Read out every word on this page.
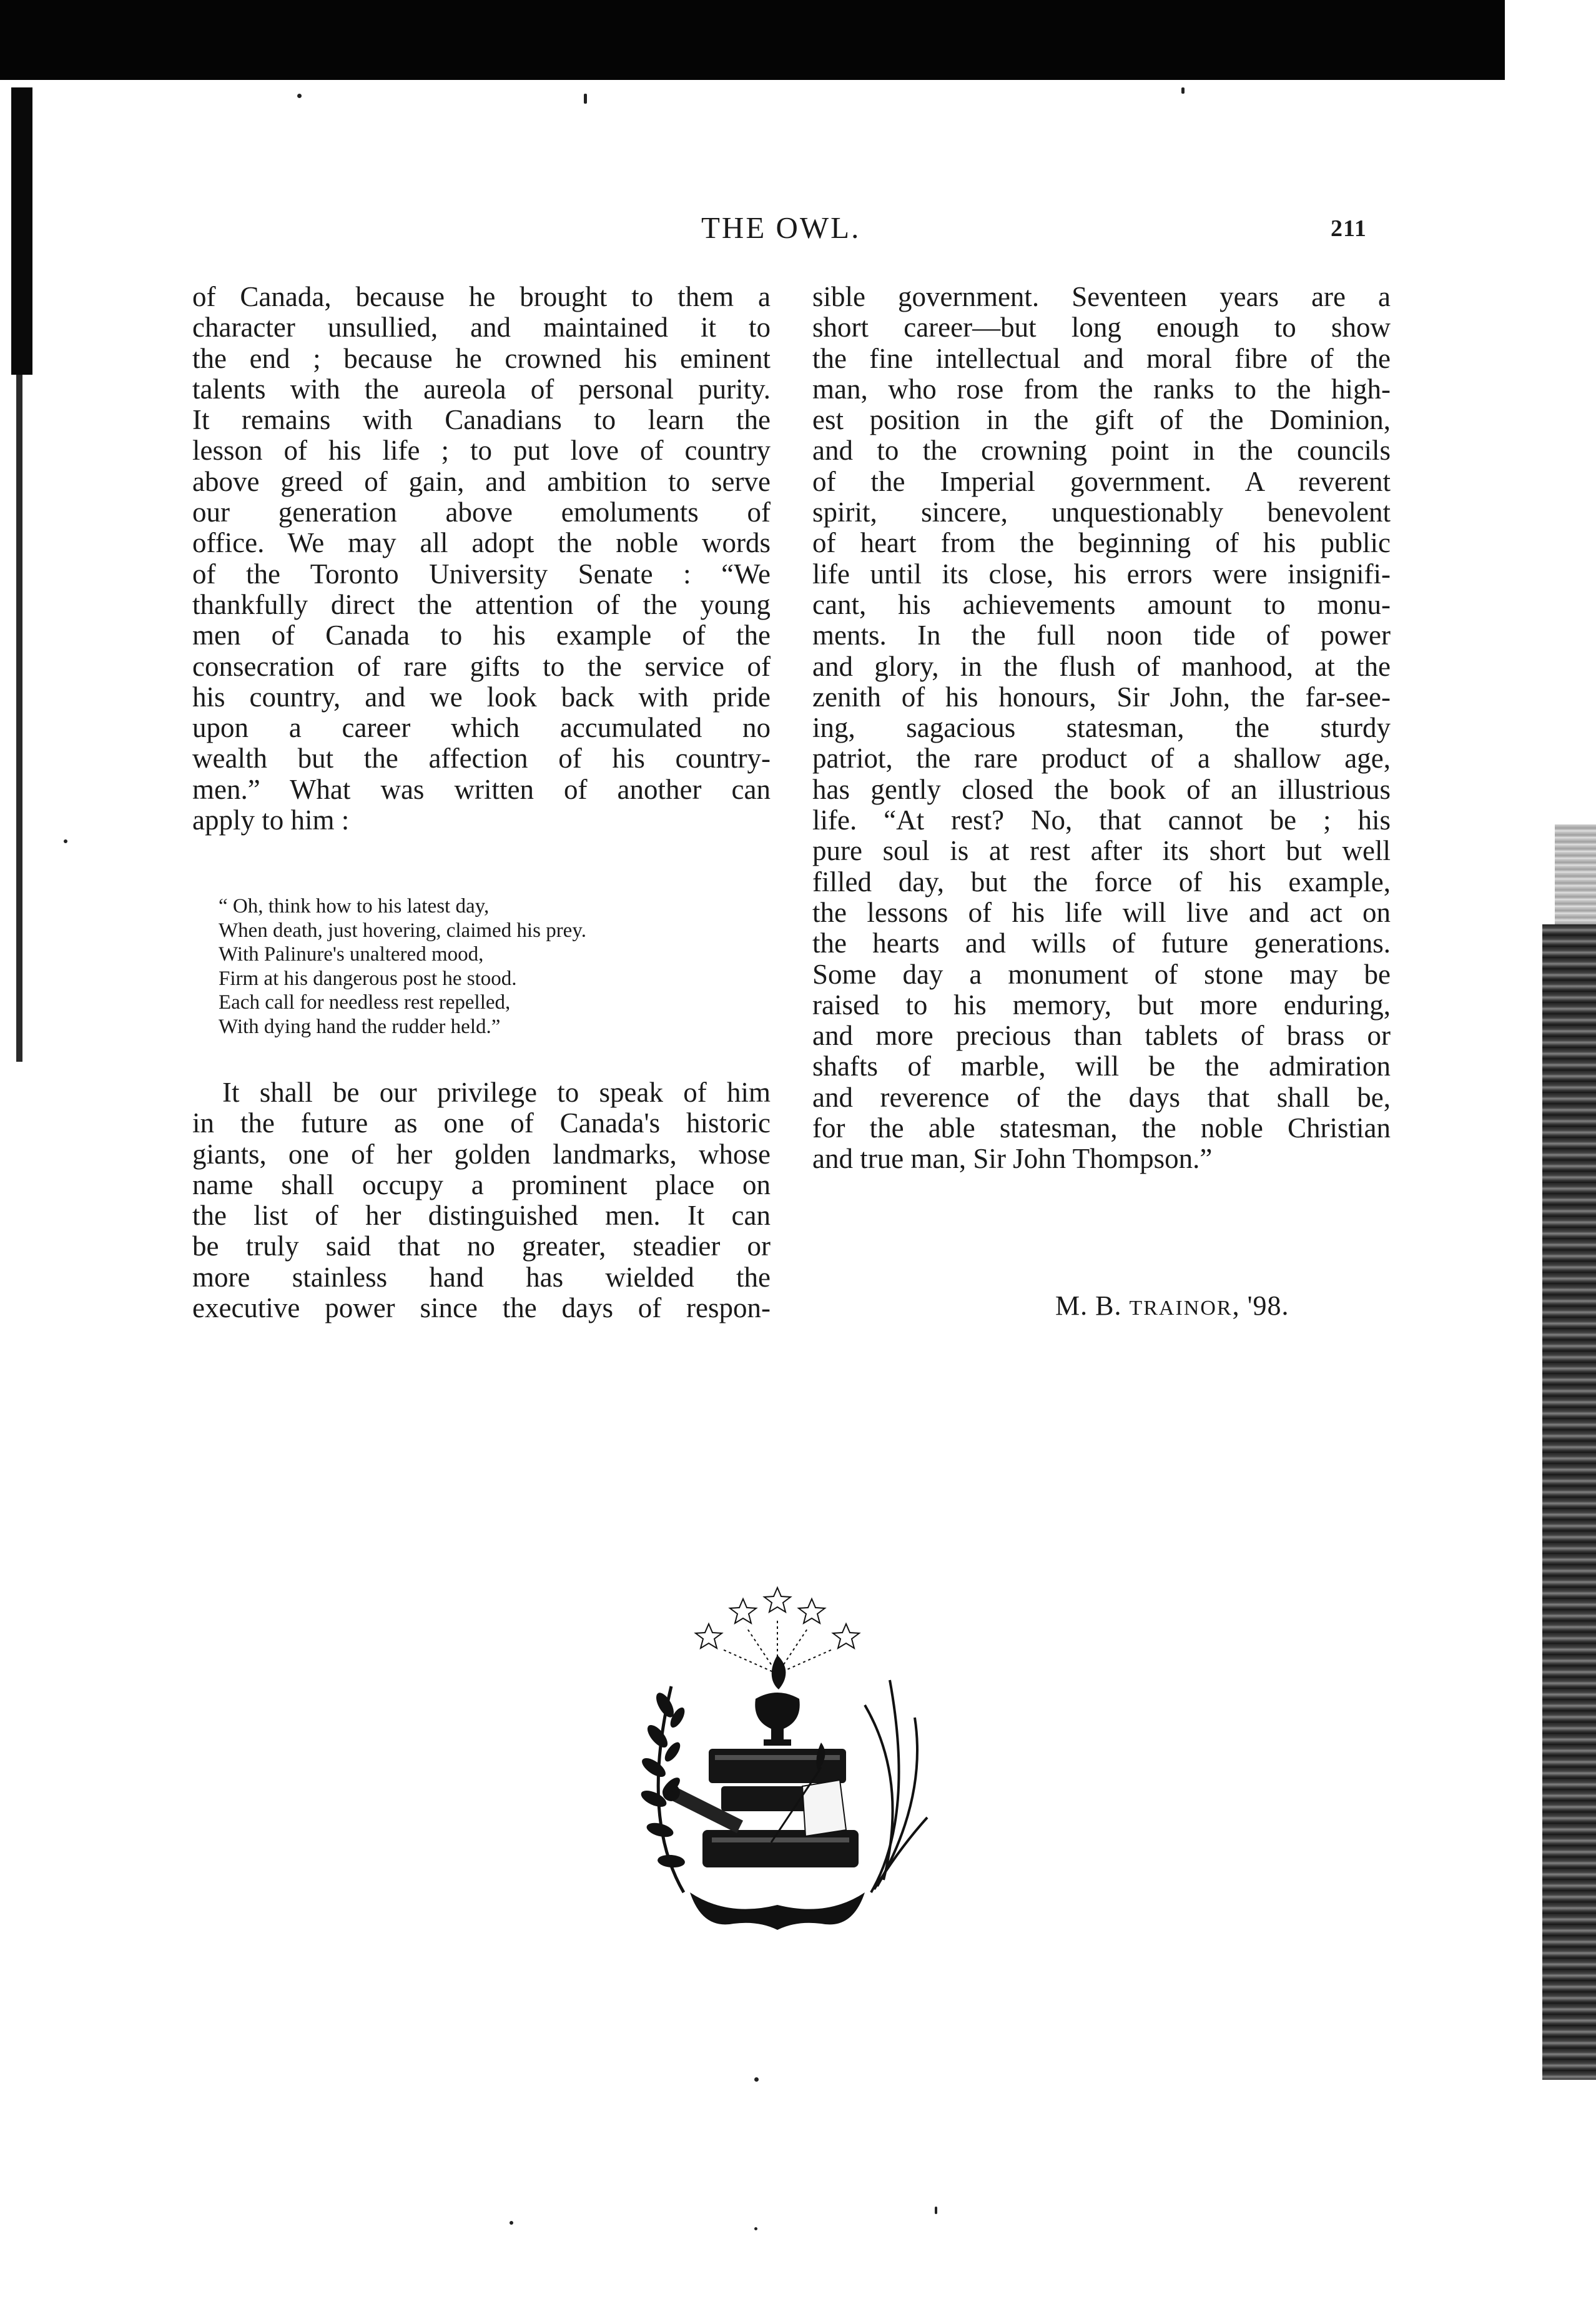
THE OWL.	211

of Canada, because he brought to them a

character unsullied, and maintained it to

the end ; because he crowned his eminent

talents with the aureola of personal purity.

It remains with Canadians to learn the

lesson of his life ; to put love of country

above greed of gain, and ambition to serve

our generation above emoluments of

office. We may all adopt the noble words

of the Toronto University Senate : “We

thankfully direct the attention of the young

men of Canada to his example of the

consecration of rare gifts to the service of

his country, and we look back with pride

upon a career which accumulated no

wealth but the affection of his country-

men.” What was written of another can

apply to him :

“ Oh, think how to his latest day,
When death, just hovering, claimed his prey.
With Palinure's unaltered mood,
Firm at his dangerous post he stood.
Each call for needless rest repelled,
With dying hand the rudder held.”

It shall be our privilege to speak of him

in the future as one of Canada's historic

giants, one of her golden landmarks, whose

name shall occupy a prominent place on

the list of her distinguished men. It can

be truly said that no greater, steadier or

more stainless hand has wielded the

executive power since the days of respon-

sible government. Seventeen years are a

short career—but long enough to show

the fine intellectual and moral fibre of the

man, who rose from the ranks to the high-

est position in the gift of the Dominion,

and to the crowning point in the councils

of the Imperial government. A reverent

spirit, sincere, unquestionably benevolent

of heart from the beginning of his public

life until its close, his errors were insignifi-

cant, his achievements amount to monu-

ments. In the full noon tide of power

and glory, in the flush of manhood, at the

zenith of his honours, Sir John, the far-see-

ing, sagacious statesman, the sturdy

patriot, the rare product of a shallow age,

has gently closed the book of an illustrious

life. “At rest? No, that cannot be ; his

pure soul is at rest after its short but well

filled day, but the force of his example,

the lessons of his life will live and act on

the hearts and wills of future generations.

Some day a monument of stone may be

raised to his memory, but more enduring,

and more precious than tablets of brass or

shafts of marble, will be the admiration

and reverence of the days that shall be,

for the able statesman, the noble Christian

and true man, Sir John Thompson.”

M. B. TRAINOR, '98.
